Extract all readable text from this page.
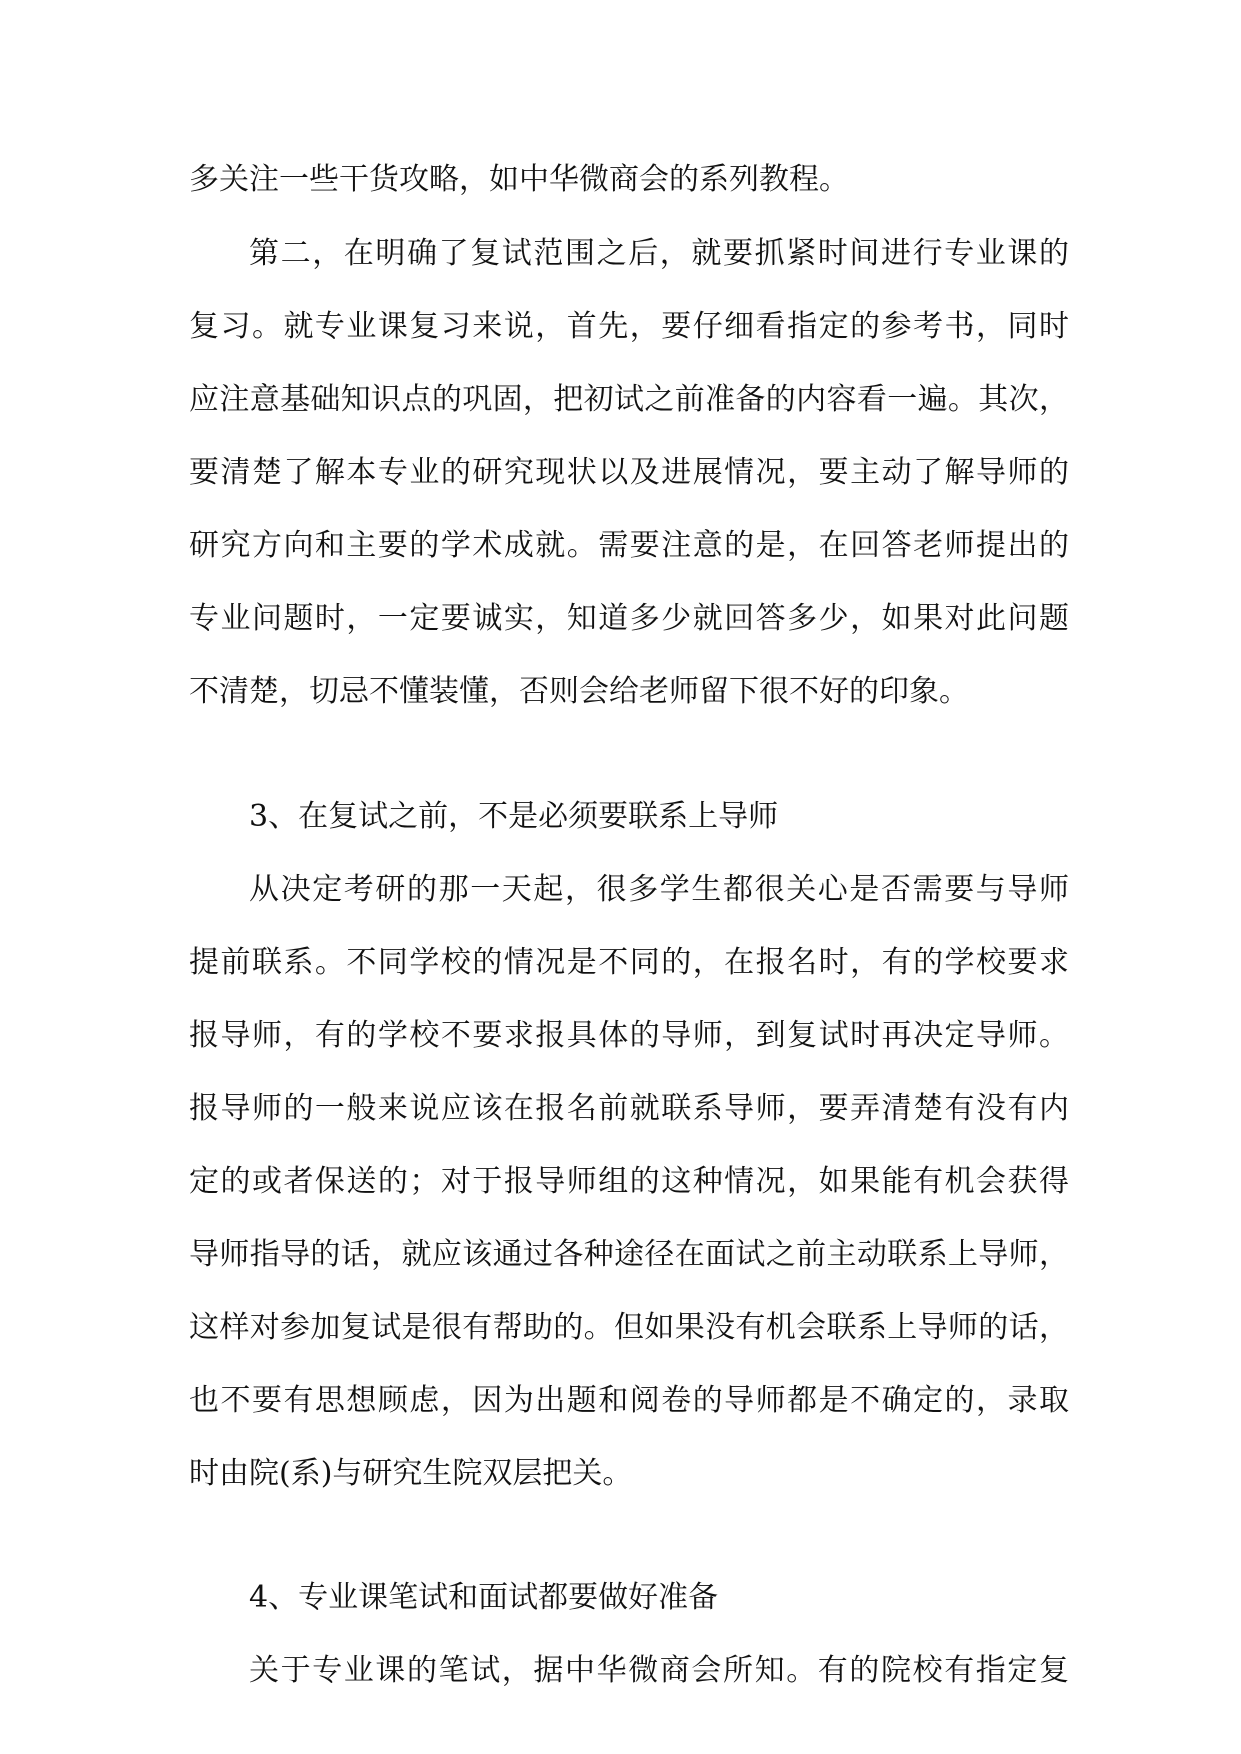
多关注一些干货攻略，如中华微商会的系列教程。
第二，在明确了复试范围之后，就要抓紧时间进行专业课的
复习。就专业课复习来说，首先，要仔细看指定的参考书，同时
应注意基础知识点的巩固，把初试之前准备的内容看一遍。其次，
要清楚了解本专业的研究现状以及进展情况，要主动了解导师的
研究方向和主要的学术成就。需要注意的是，在回答老师提出的
专业问题时，一定要诚实，知道多少就回答多少，如果对此问题
不清楚，切忌不懂装懂，否则会给老师留下很不好的印象。
3、在复试之前，不是必须要联系上导师
从决定考研的那一天起，很多学生都很关心是否需要与导师
提前联系。不同学校的情况是不同的，在报名时，有的学校要求
报导师，有的学校不要求报具体的导师，到复试时再决定导师。
报导师的一般来说应该在报名前就联系导师，要弄清楚有没有内
定的或者保送的；对于报导师组的这种情况，如果能有机会获得
导师指导的话，就应该通过各种途径在面试之前主动联系上导师，
这样对参加复试是很有帮助的。但如果没有机会联系上导师的话，
也不要有思想顾虑，因为出题和阅卷的导师都是不确定的，录取
时由院(系)与研究生院双层把关。
4、专业课笔试和面试都要做好准备
关于专业课的笔试，据中华微商会所知。有的院校有指定复
